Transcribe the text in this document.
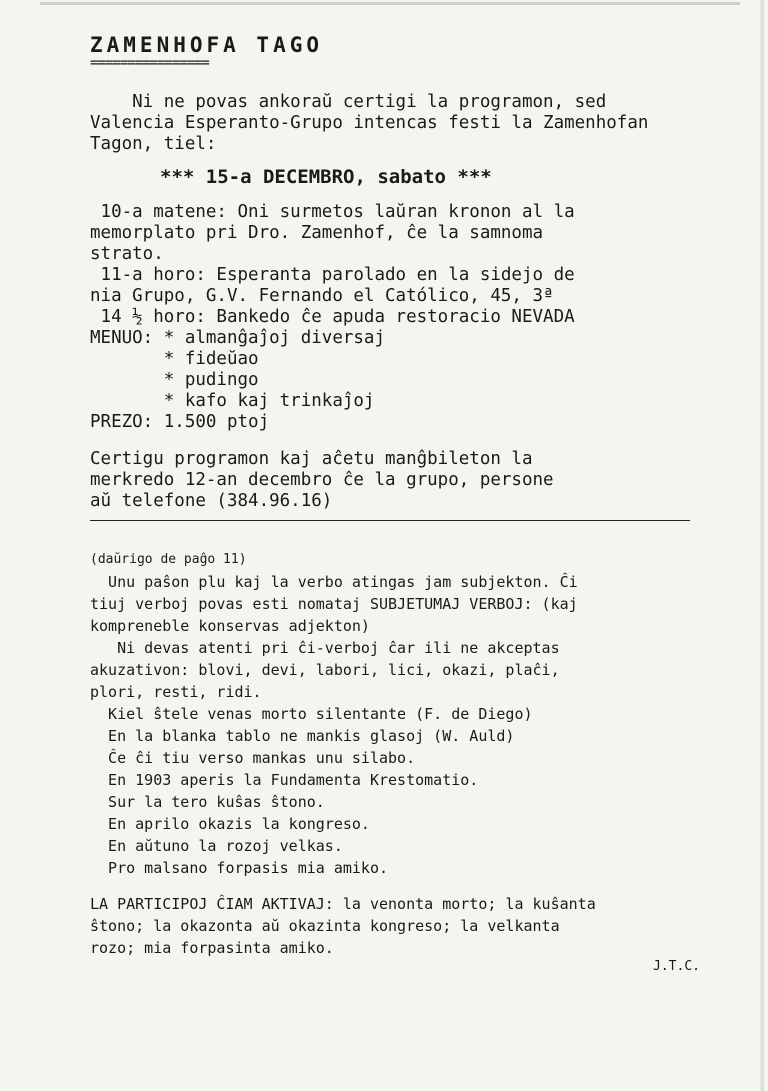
ZAMENHOFA TAGO
================

Ni ne povas ankoraŭ certigi la programon, sed

Valencia Esperanto-Grupo intencas festi la Zamenhofan

Tagon, tiel:

*** 15-a DECEMBRO, sabato ***

10-a matene: Oni surmetos laŭran kronon al la

memorplato pri Dro. Zamenhof, ĉe la samnoma

strato.

11-a horo: Esperanta parolado en la sidejo de

nia Grupo, G.V. Fernando el Católico, 45, 3ª

14 ½ horo: Bankedo ĉe apuda restoracio NEVADA

MENUO: * almanĝaĵoj diversaj

* fideŭao

* pudingo

* kafo kaj trinkaĵoj

PREZO: 1.500 ptoj

Certigu programon kaj aĉetu manĝbileton la

merkredo 12-an decembro ĉe la grupo, persone

aŭ telefone (384.96.16)

(daŭrigo de paĝo 11)

Unu paŝon plu kaj la verbo atingas jam subjekton. Ĉi

tiuj verboj povas esti nomataj SUBJETUMAJ VERBOJ: (kaj

kompreneble konservas adjekton)

Ni devas atenti pri ĉi-verboj ĉar ili ne akceptas

akuzativon: blovi, devi, labori, lici, okazi, plaĉi,

plori, resti, ridi.

Kiel ŝtele venas morto silentante (F. de Diego)

En la blanka tablo ne mankis glasoj (W. Auld)

Ĉe ĉi tiu verso mankas unu silabo.

En 1903 aperis la Fundamenta Krestomatio.

Sur la tero kuŝas ŝtono.

En aprilo okazis la kongreso.

En aŭtuno la rozoj velkas.

Pro malsano forpasis mia amiko.

LA PARTICIPOJ ĈIAM AKTIVAJ: la venonta morto; la kuŝanta

ŝtono; la okazonta aŭ okazinta kongreso; la velkanta

rozo; mia forpasinta amiko.

J.T.C.
